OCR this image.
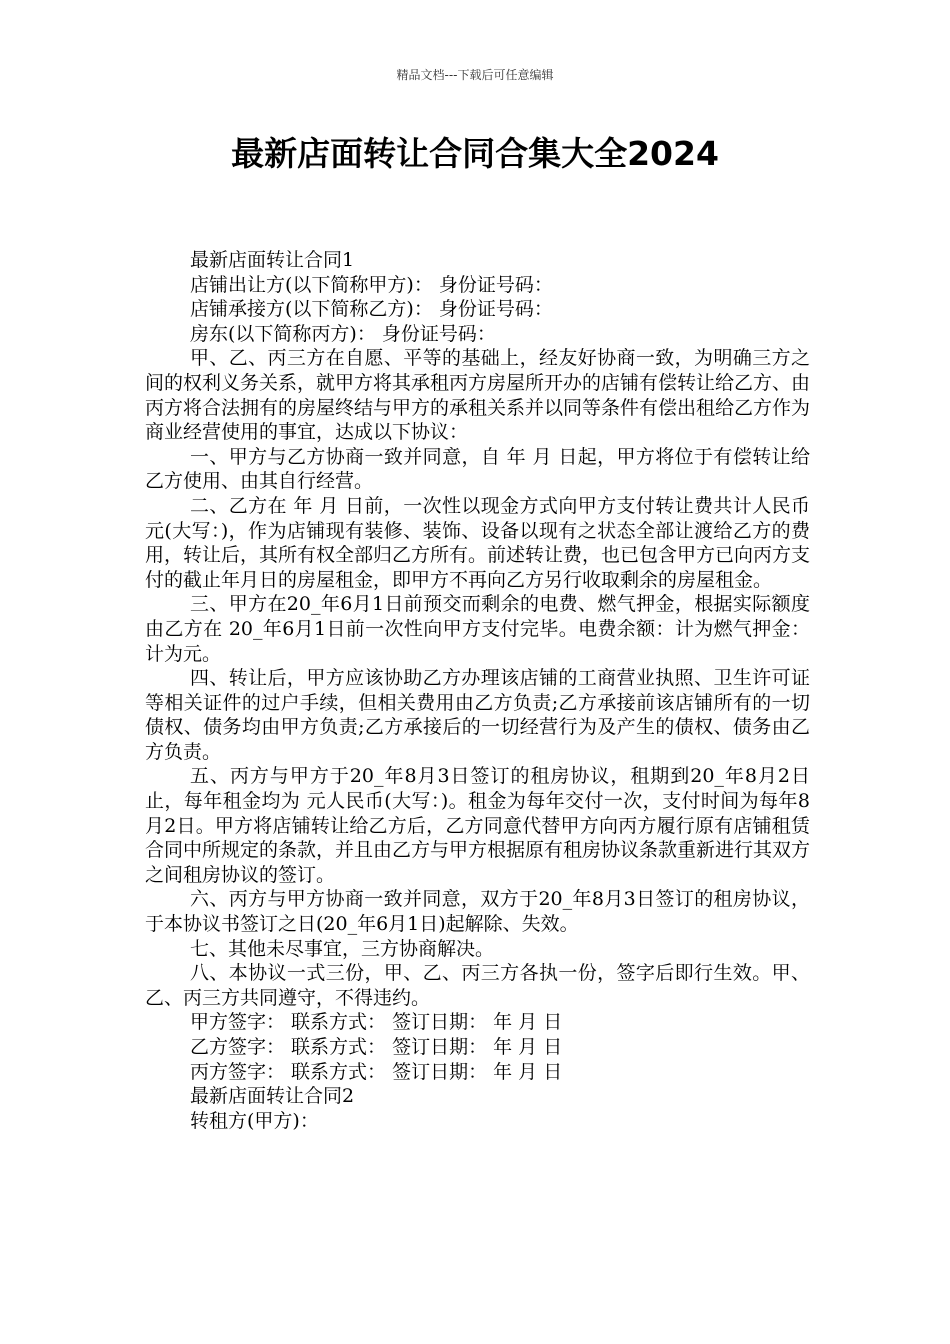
精品文档---下载后可任意编辑
最新店面转让合同合集大全2024

最新店面转让合同1

店铺出让方(以下简称甲方)： 身份证号码：

店铺承接方(以下简称乙方)： 身份证号码：

房东(以下简称丙方)： 身份证号码：

甲、乙、丙三方在自愿、平等的基础上，经友好协商一致，为明确三方之间的权利义务关系，就甲方将其承租丙方房屋所开办的店铺有偿转让给乙方、由丙方将合法拥有的房屋终结与甲方的承租关系并以同等条件有偿出租给乙方作为商业经营使用的事宜，达成以下协议：

一、甲方与乙方协商一致并同意，自 年 月 日起，甲方将位于有偿转让给乙方使用、由其自行经营。

二、乙方在 年 月 日前，一次性以现金方式向甲方支付转让费共计人民币 元(大写：)，作为店铺现有装修、装饰、设备以现有之状态全部让渡给乙方的费用，转让后，其所有权全部归乙方所有。前述转让费，也已包含甲方已向丙方支付的截止年月日的房屋租金，即甲方不再向乙方另行收取剩余的房屋租金。

三、甲方在20_年6月1日前预交而剩余的电费、燃气押金，根据实际额度由乙方在 20_年6月1日前一次性向甲方支付完毕。电费余额：计为燃气押金：计为元。

四、转让后，甲方应该协助乙方办理该店铺的工商营业执照、卫生许可证等相关证件的过户手续，但相关费用由乙方负责;乙方承接前该店铺所有的一切债权、债务均由甲方负责;乙方承接后的一切经营行为及产生的债权、债务由乙方负责。

五、丙方与甲方于20_年8月3日签订的租房协议，租期到20_年8月2日止，每年租金均为 元人民币(大写：)。租金为每年交付一次，支付时间为每年8月2日。甲方将店铺转让给乙方后，乙方同意代替甲方向丙方履行原有店铺租赁合同中所规定的条款，并且由乙方与甲方根据原有租房协议条款重新进行其双方之间租房协议的签订。

六、丙方与甲方协商一致并同意，双方于20_年8月3日签订的租房协议，于本协议书签订之日(20_年6月1日)起解除、失效。

七、其他未尽事宜，三方协商解决。

八、本协议一式三份，甲、乙、丙三方各执一份，签字后即行生效。甲、乙、丙三方共同遵守，不得违约。

甲方签字： 联系方式： 签订日期： 年 月 日

乙方签字： 联系方式： 签订日期： 年 月 日

丙方签字： 联系方式： 签订日期： 年 月 日

最新店面转让合同2

转租方(甲方)：
